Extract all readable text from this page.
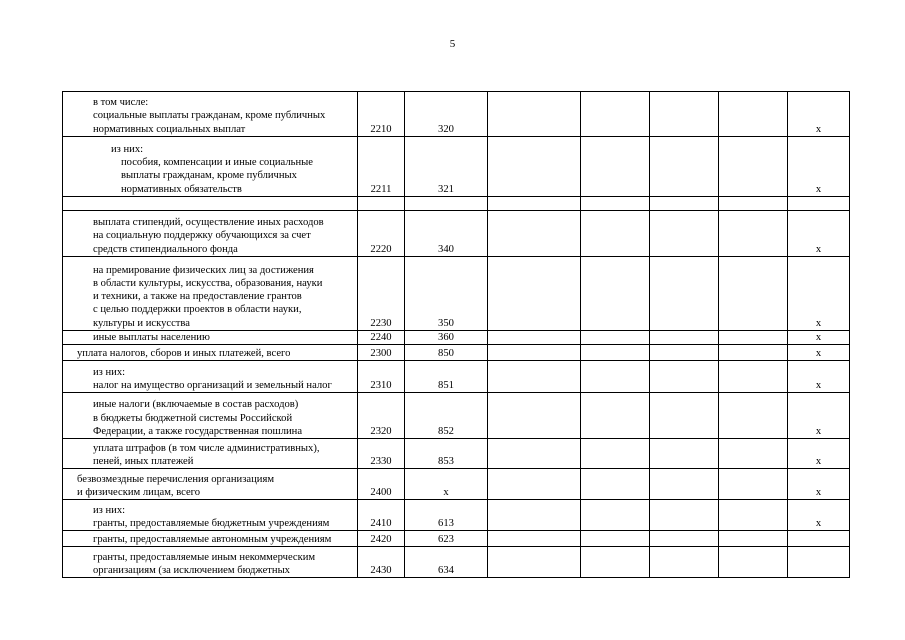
5
в том числе:
социальные выплаты гражданам, кроме публичных
нормативных социальных выплат	2210	320					x

из них:
пособия, компенсации и иные социальные
выплаты гражданам, кроме публичных
нормативных обязательств	2211	321					x

выплата стипендий, осуществление иных расходов
на социальную поддержку обучающихся за счет
средств стипендиального фонда	2220	340					x

на премирование физических лиц за достижения
в области культуры, искусства, образования, науки
и техники, а также на предоставление грантов
с целью поддержки проектов в области науки,
культуры и искусства	2230	350					x

иные выплаты населению	2240	360					x

уплата налогов, сборов и иных платежей, всего	2300	850					x

из них:
налог на имущество организаций и земельный налог	2310	851					x

иные налоги (включаемые в состав расходов)
в бюджеты бюджетной системы Российской
Федерации, а также государственная пошлина	2320	852					x

уплата штрафов (в том числе административных),
пеней, иных платежей	2330	853					x

безвозмездные перечисления организациям
и физическим лицам, всего	2400	x					x

из них:
гранты, предоставляемые бюджетным учреждениям	2410	613					x

гранты, предоставляемые автономным учреждениям	2420	623					

гранты, предоставляемые иным некоммерческим
организациям (за исключением бюджетных	2430	634					
